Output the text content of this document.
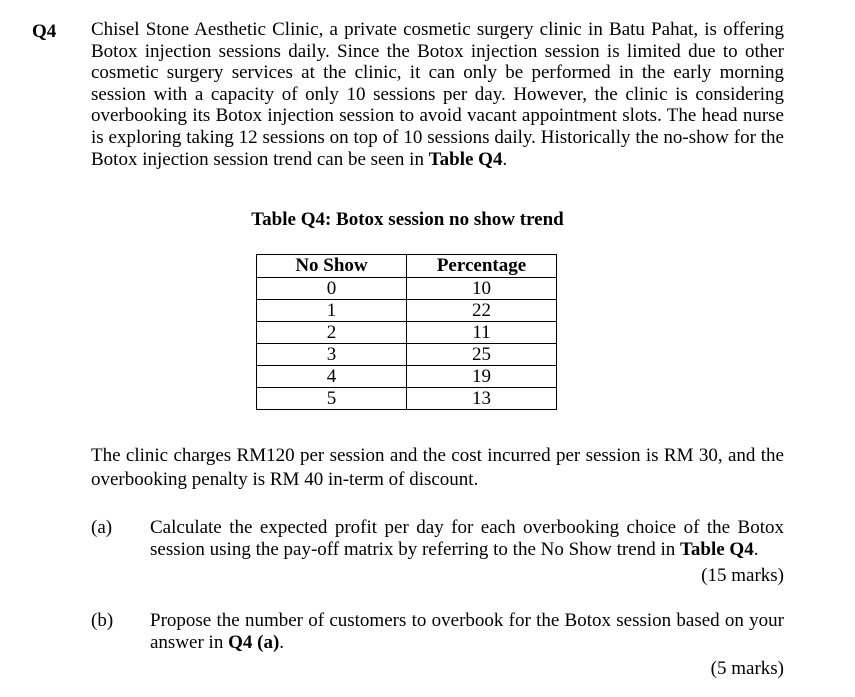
Q4 Chisel Stone Aesthetic Clinic, a private cosmetic surgery clinic in Batu Pahat, is offering Botox injection sessions daily. Since the Botox injection session is limited due to other cosmetic surgery services at the clinic, it can only be performed in the early morning session with a capacity of only 10 sessions per day. However, the clinic is considering overbooking its Botox injection session to avoid vacant appointment slots. The head nurse is exploring taking 12 sessions on top of 10 sessions daily. Historically the no-show for the Botox injection session trend can be seen in Table Q4.
Table Q4: Botox session no show trend
No Show	Percentage
0	10
1	22
2	11
3	25
4	19
5	13
The clinic charges RM120 per session and the cost incurred per session is RM 30, and the overbooking penalty is RM 40 in-term of discount.
(a) Calculate the expected profit per day for each overbooking choice of the Botox session using the pay-off matrix by referring to the No Show trend in Table Q4.
(15 marks)
(b) Propose the number of customers to overbook for the Botox session based on your answer in Q4 (a).
(5 marks)
